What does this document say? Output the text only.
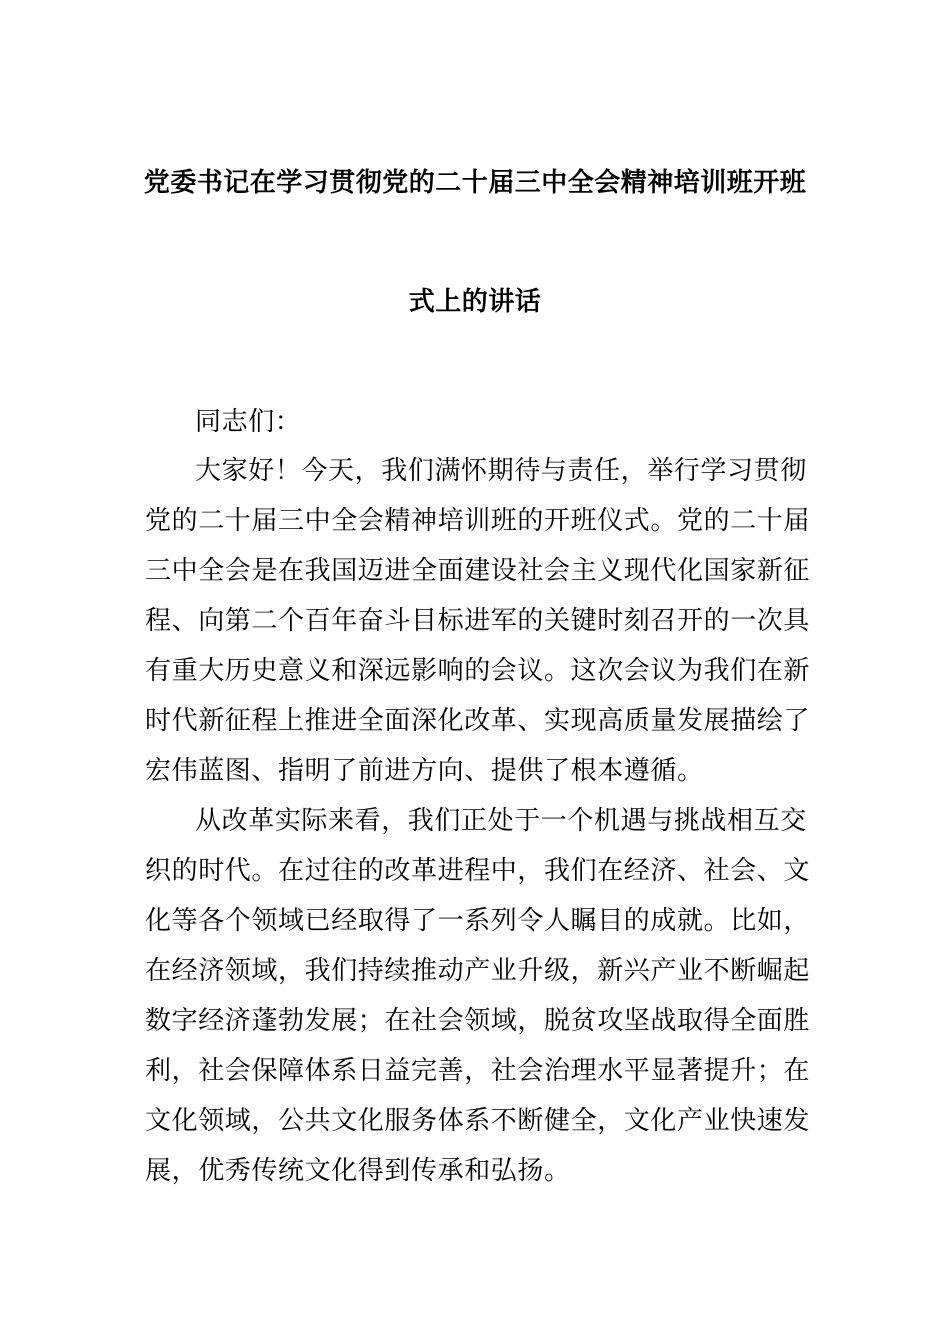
党委书记在学习贯彻党的二十届三中全会精神培训班开班
式上的讲话
同志们：
大家好！今天，我们满怀期待与责任，举行学习贯彻
党的二十届三中全会精神培训班的开班仪式。党的二十届
三中全会是在我国迈进全面建设社会主义现代化国家新征
程、向第二个百年奋斗目标进军的关键时刻召开的一次具
有重大历史意义和深远影响的会议。这次会议为我们在新
时代新征程上推进全面深化改革、实现高质量发展描绘了
宏伟蓝图、指明了前进方向、提供了根本遵循。
从改革实际来看，我们正处于一个机遇与挑战相互交
织的时代。在过往的改革进程中，我们在经济、社会、文
化等各个领域已经取得了一系列令人瞩目的成就。比如，
在经济领域，我们持续推动产业升级，新兴产业不断崛起
数字经济蓬勃发展；在社会领域，脱贫攻坚战取得全面胜
利，社会保障体系日益完善，社会治理水平显著提升；在
文化领域，公共文化服务体系不断健全，文化产业快速发
展，优秀传统文化得到传承和弘扬。
